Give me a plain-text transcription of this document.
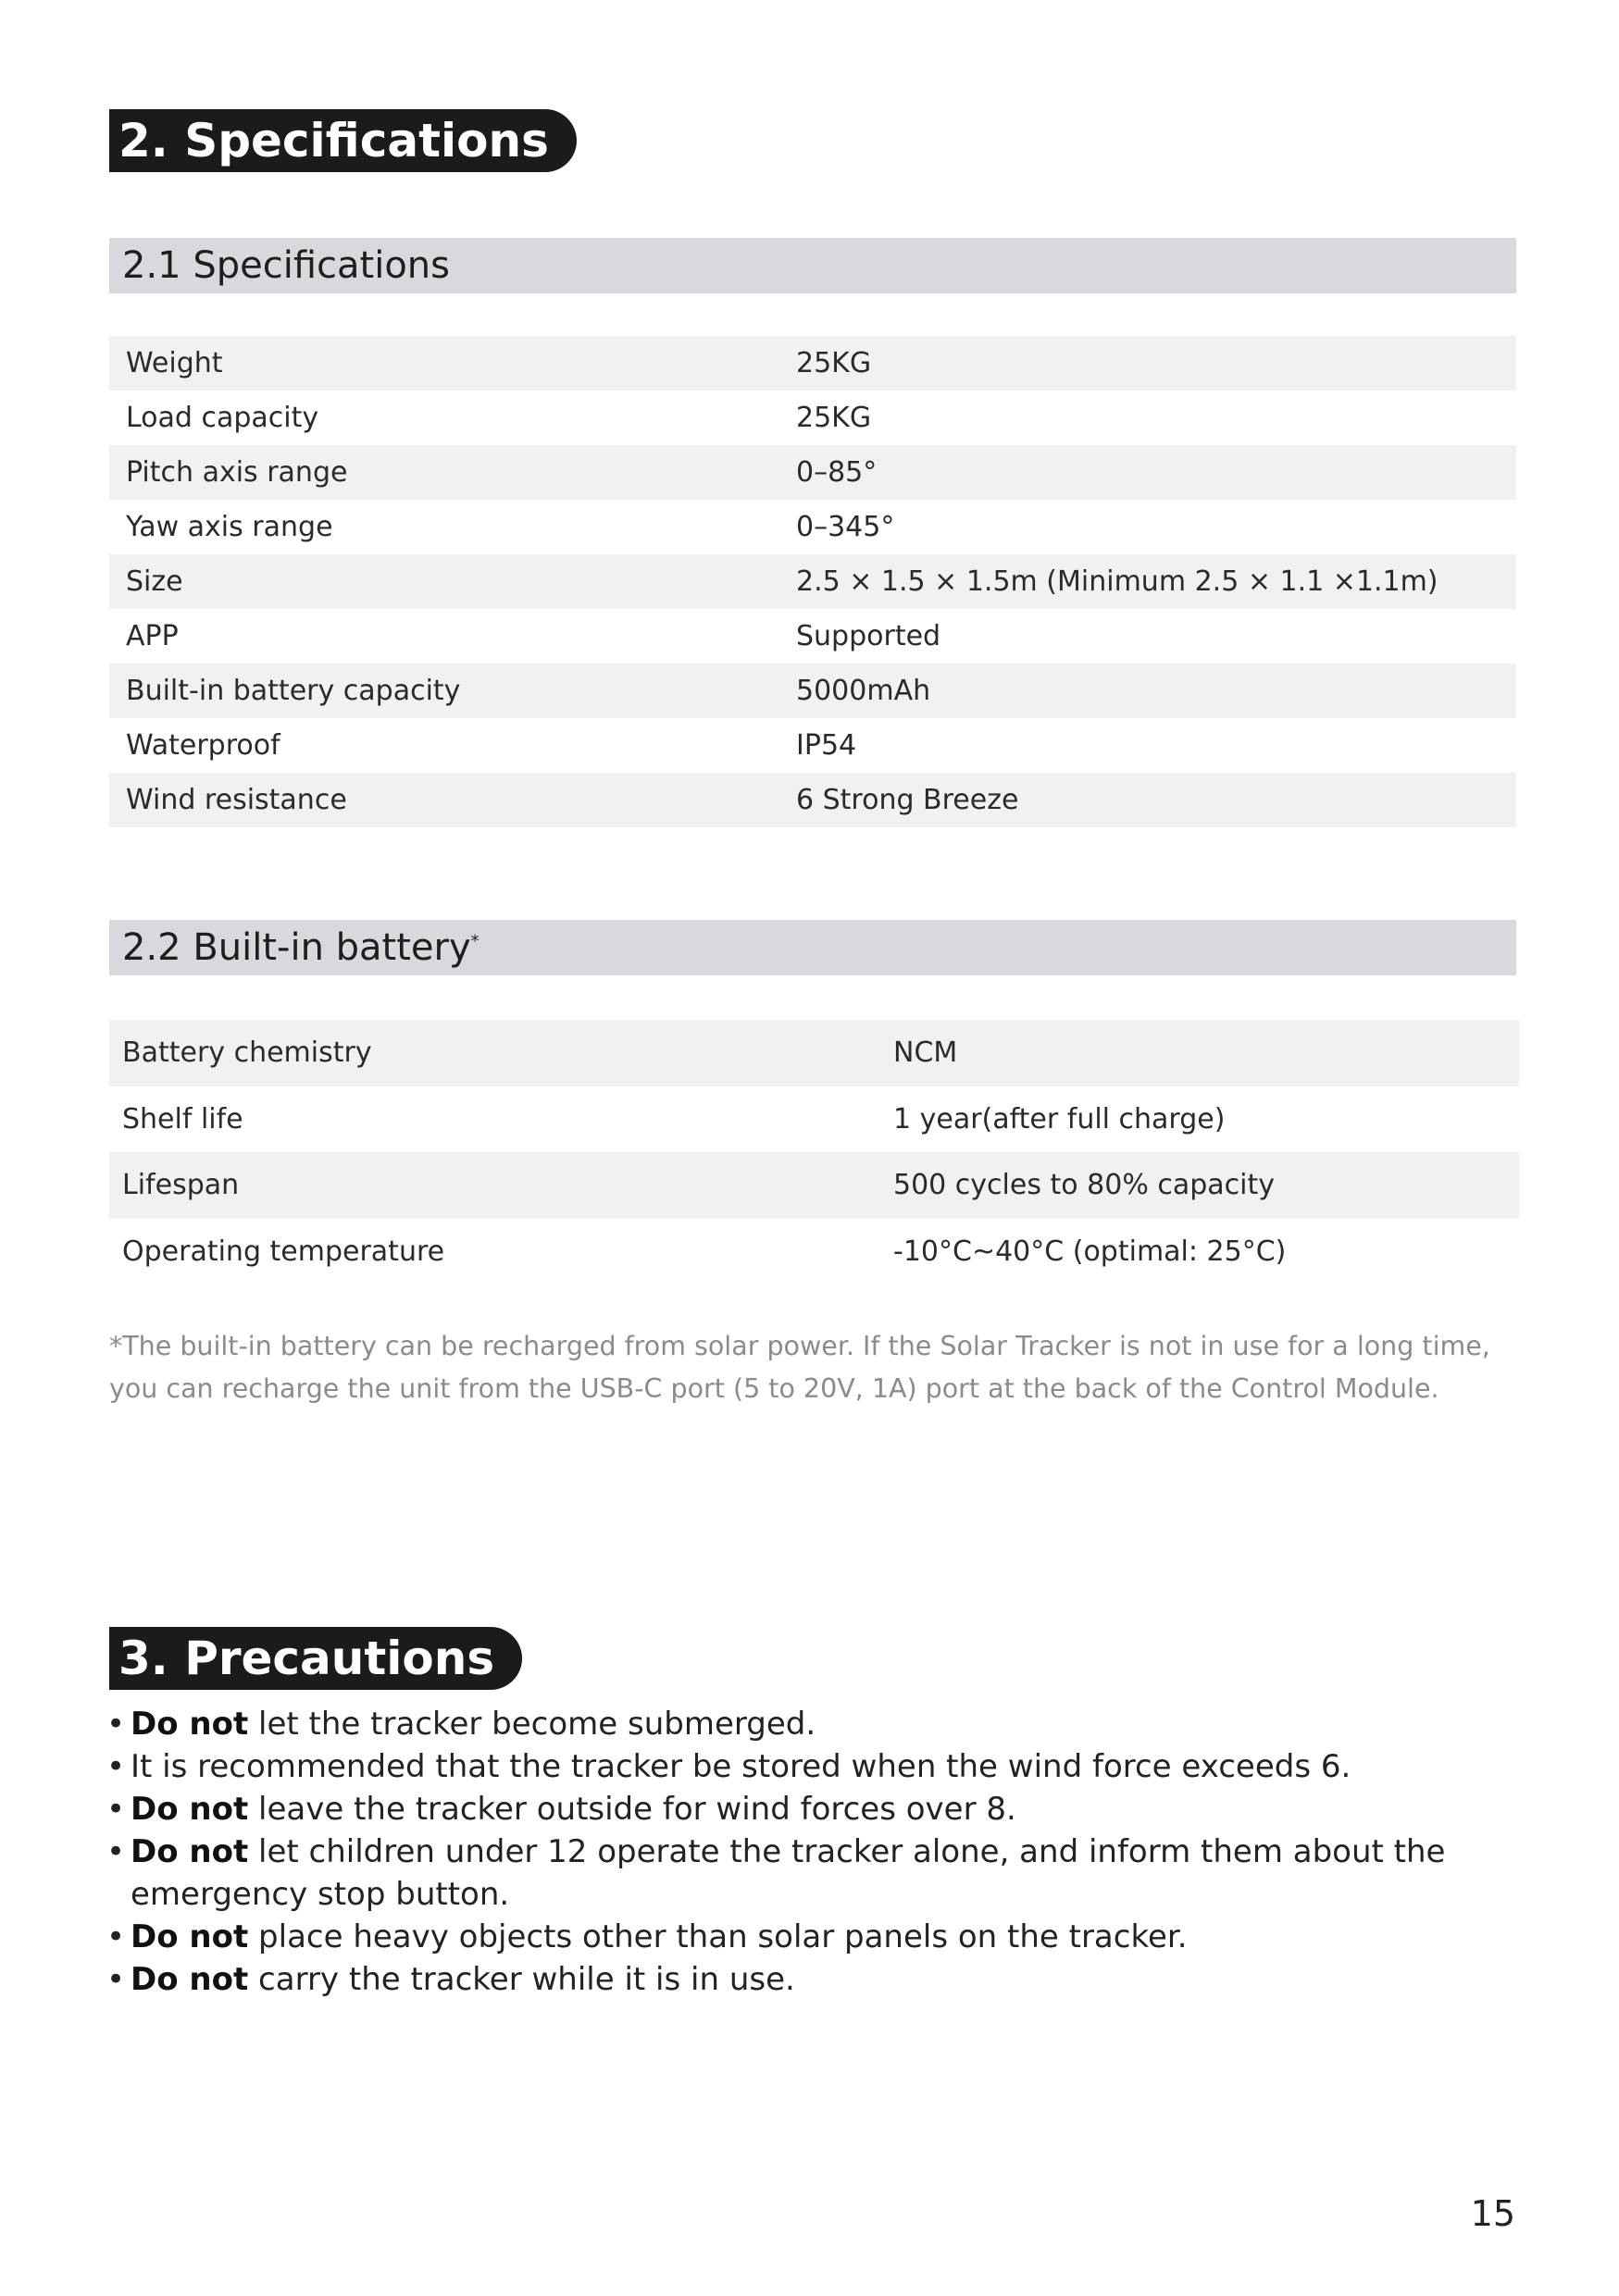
2. Specifications
2.1 Specifications
Weight	25KG
Load capacity	25KG
Pitch axis range	0–85°
Yaw axis range	0–345°
Size	2.5 × 1.5 × 1.5m (Minimum 2.5 × 1.1 ×1.1m)
APP	Supported
Built-in battery capacity	5000mAh
Waterproof	IP54
Wind resistance	6 Strong Breeze
2.2 Built-in battery*
Battery chemistry	NCM
Shelf life	1 year(after full charge)
Lifespan	500 cycles to 80% capacity
Operating temperature	-10°C~40°C (optimal: 25°C)

*The built-in battery can be recharged from solar power. If the Solar Tracker is not in use for a long time, you can recharge the unit from the USB-C port (5 to 20V, 1A) port at the back of the Control Module.

3. Precautions
• Do not let the tracker become submerged.
• It is recommended that the tracker be stored when the wind force exceeds 6.
• Do not leave the tracker outside for wind forces over 8.
• Do not let children under 12 operate the tracker alone, and inform them about the emergency stop button.
• Do not place heavy objects other than solar panels on the tracker.
• Do not carry the tracker while it is in use.
15
